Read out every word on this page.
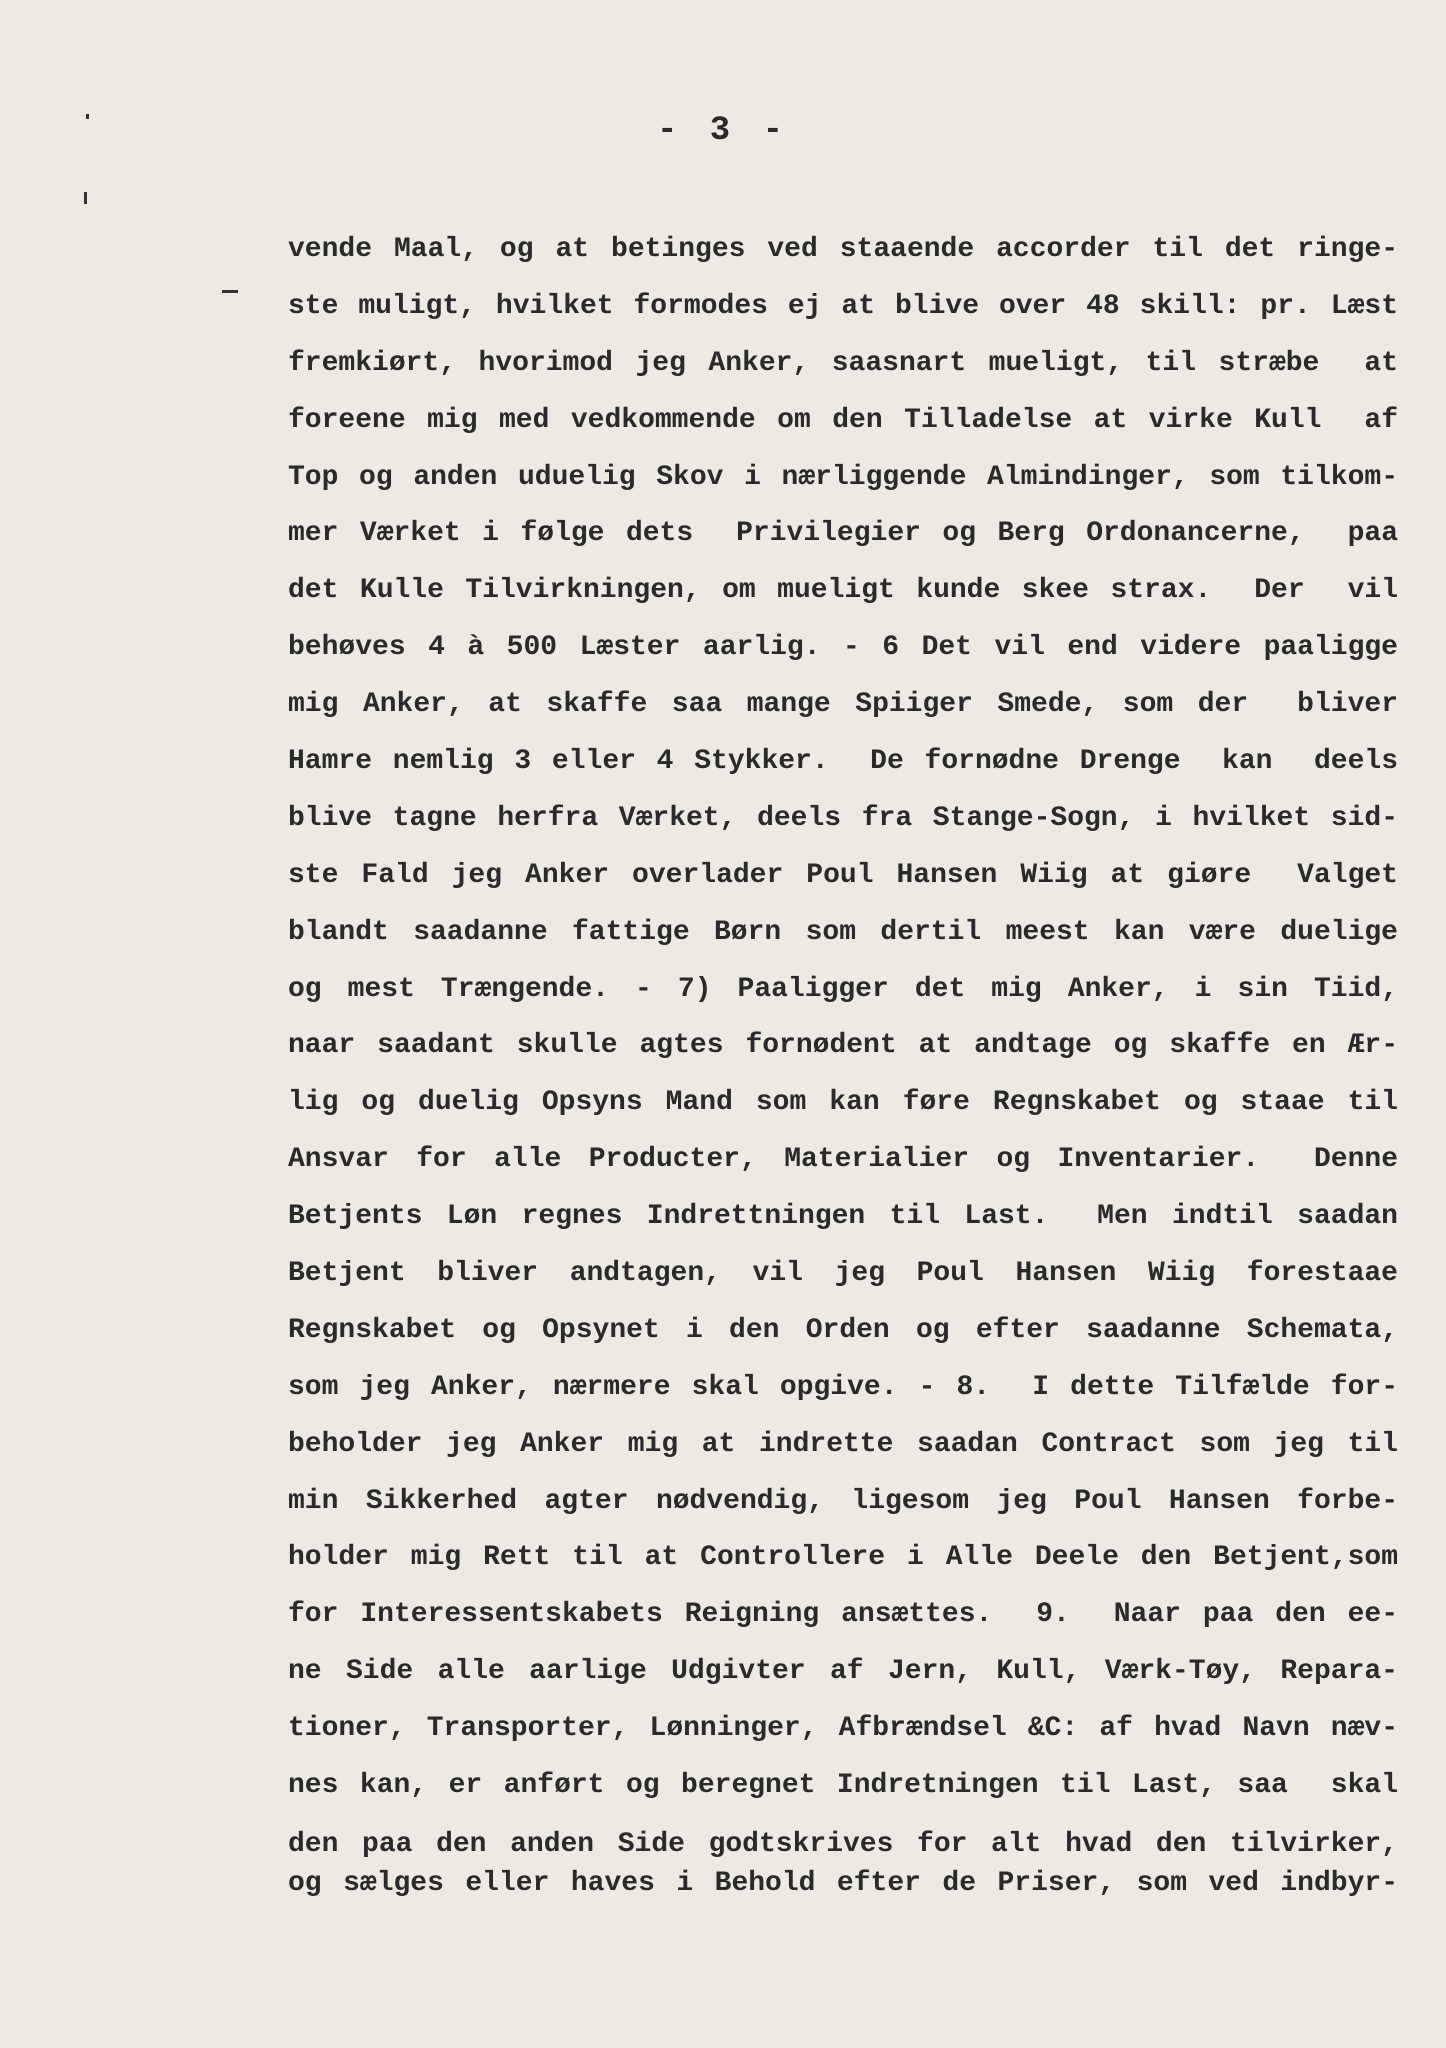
- 3 -
vende Maal, og at betinges ved staaende accorder til det ringe-
ste muligt, hvilket formodes ej at blive over 48 skill: pr. Læst
fremkiørt, hvorimod jeg Anker, saasnart mueligt, til stræbe  at
foreene mig med vedkommende om den Tilladelse at virke Kull  af
Top og anden uduelig Skov i nærliggende Almindinger, som tilkom-
mer Værket i følge dets  Privilegier og Berg Ordonancerne,  paa
det Kulle Tilvirkningen, om mueligt kunde skee strax.  Der  vil
behøves 4 à 500 Læster aarlig. - 6 Det vil end videre paaligge
mig Anker, at skaffe saa mange Spiiger Smede, som der  bliver
Hamre nemlig 3 eller 4 Stykker.  De fornødne Drenge  kan  deels
blive tagne herfra Værket, deels fra Stange-Sogn, i hvilket sid-
ste Fald jeg Anker overlader Poul Hansen Wiig at giøre  Valget
blandt saadanne fattige Børn som dertil meest kan være duelige
og mest Trængende. - 7) Paaligger det mig Anker, i sin Tiid,
naar saadant skulle agtes fornødent at andtage og skaffe en Ær-
lig og duelig Opsyns Mand som kan føre Regnskabet og staae til
Ansvar for alle Producter, Materialier og Inventarier.  Denne
Betjents Løn regnes Indrettningen til Last.  Men indtil saadan
Betjent bliver andtagen, vil jeg Poul Hansen Wiig forestaae
Regnskabet og Opsynet i den Orden og efter saadanne Schemata,
som jeg Anker, nærmere skal opgive. - 8.  I dette Tilfælde for-
beholder jeg Anker mig at indrette saadan Contract som jeg til
min Sikkerhed agter nødvendig, ligesom jeg Poul Hansen forbe-
holder mig Rett til at Controllere i Alle Deele den Betjent,som
for Interessentskabets Reigning ansættes.  9.  Naar paa den ee-
ne Side alle aarlige Udgivter af Jern, Kull, Værk-Tøy, Repara-
tioner, Transporter, Lønninger, Afbrændsel &C: af hvad Navn næv-
nes kan, er anført og beregnet Indretningen til Last, saa  skal
den paa den anden Side godtskrives for alt hvad den tilvirker,
og sælges eller haves i Behold efter de Priser, som ved indbyr-
